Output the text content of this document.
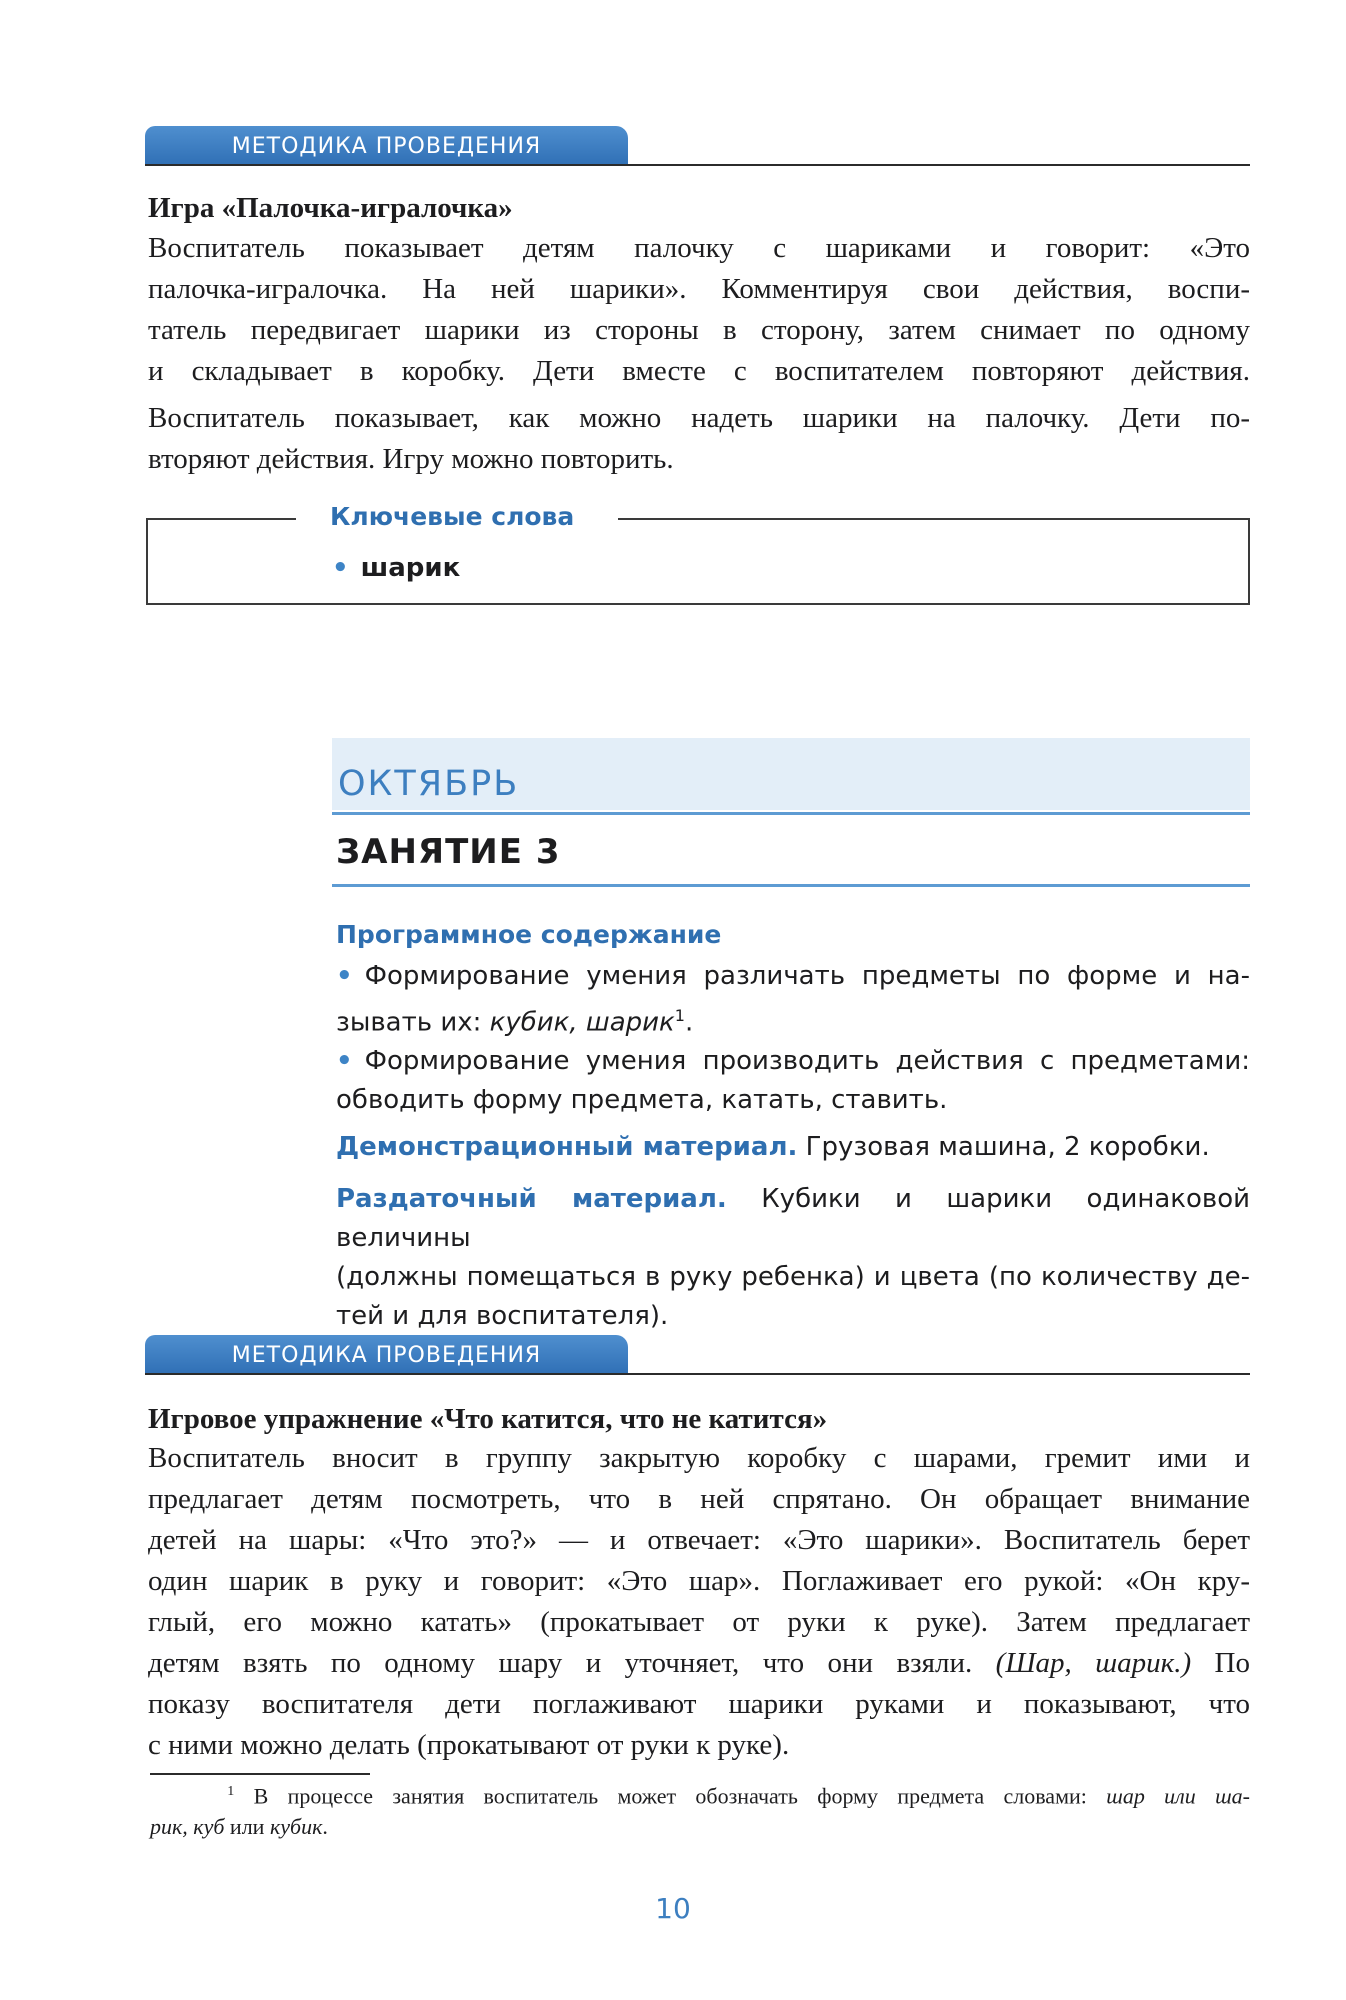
МЕТОДИКА ПРОВЕДЕНИЯ
Игра «Палочка-игралочка»
Воспитатель показывает детям палочку с шариками и говорит: «Это
палочка-игралочка. На ней шарики». Комментируя свои действия, воспи-
татель передвигает шарики из стороны в сторону, затем снимает по одному
и складывает в коробку. Дети вместе с воспитателем повторяют действия.
Воспитатель показывает, как можно надеть шарики на палочку. Дети по-
вторяют действия. Игру можно повторить.
Ключевые слова
• шарик
ОКТЯБРЬ
ЗАНЯТИЕ 3
Программное содержание
• Формирование умения различать предметы по форме и на-
зывать их: кубик, шарик$^1$.
• Формирование умения производить действия с предметами:
обводить форму предмета, катать, ставить.
Демонстрационный материал. Грузовая машина, 2 коробки.
Раздаточный материал. Кубики и шарики одинаковой величины
(должны помещаться в руку ребенка) и цвета (по количеству де-
тей и для воспитателя).
МЕТОДИКА ПРОВЕДЕНИЯ
Игровое упражнение «Что катится, что не катится»
Воспитатель вносит в группу закрытую коробку с шарами, гремит ими и
предлагает детям посмотреть, что в ней спрятано. Он обращает внимание
детей на шары: «Что это?» — и отвечает: «Это шарики». Воспитатель берет
один шарик в руку и говорит: «Это шар». Поглаживает его рукой: «Он кру-
глый, его можно катать» (прокатывает от руки к руке). Затем предлагает
детям взять по одному шару и уточняет, что они взяли. (Шар, шарик.) По
показу воспитателя дети поглаживают шарики руками и показывают, что
с ними можно делать (прокатывают от руки к руке).
$^1$ В процессе занятия воспитатель может обозначать форму предмета словами: шар или ша-
рик, куб или кубик.
10
